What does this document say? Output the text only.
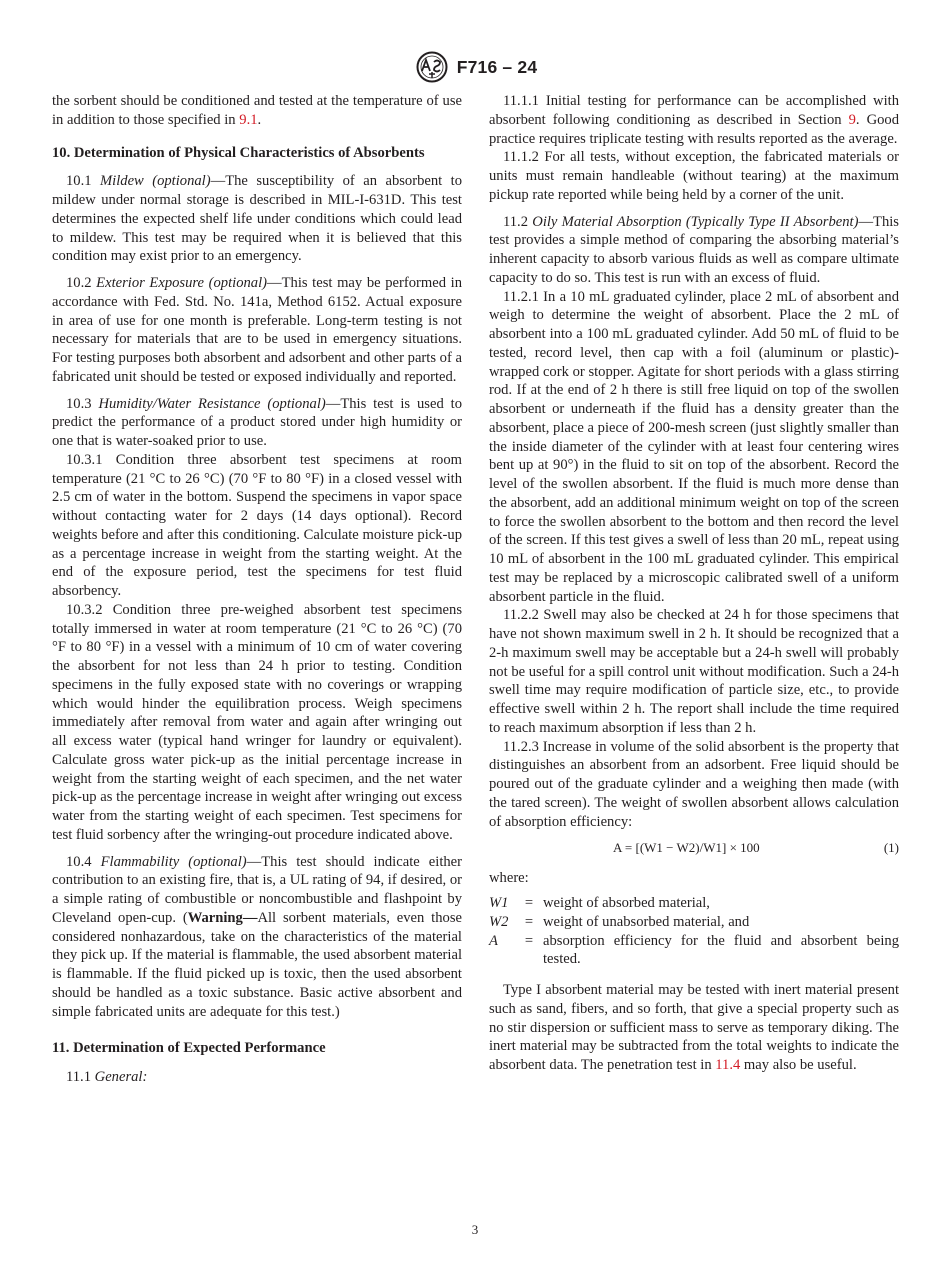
F716 – 24

the sorbent should be conditioned and tested at the temperature of use in addition to those specified in 9.1.

10. Determination of Physical Characteristics of Absorbents

10.1 Mildew (optional)—The susceptibility of an absorbent to mildew under normal storage is described in MIL-I-631D. This test determines the expected shelf life under conditions which could lead to mildew. This test may be required when it is believed that this condition may exist prior to an emergency.

10.2 Exterior Exposure (optional)—This test may be performed in accordance with Fed. Std. No. 141a, Method 6152. Actual exposure in area of use for one month is preferable. Long-term testing is not necessary for materials that are to be used in emergency situations. For testing purposes both absorbent and adsorbent and other parts of a fabricated unit should be tested or exposed individually and reported.

10.3 Humidity/Water Resistance (optional)—This test is used to predict the performance of a product stored under high humidity or one that is water-soaked prior to use.

10.3.1 Condition three absorbent test specimens at room temperature (21 °C to 26 °C) (70 °F to 80 °F) in a closed vessel with 2.5 cm of water in the bottom. Suspend the specimens in vapor space without contacting water for 2 days (14 days optional). Record weights before and after this conditioning. Calculate moisture pick-up as a percentage increase in weight from the starting weight. At the end of the exposure period, test the specimens for test fluid absorbency.

10.3.2 Condition three pre-weighed absorbent test specimens totally immersed in water at room temperature (21 °C to 26 °C) (70 °F to 80 °F) in a vessel with a minimum of 10 cm of water covering the absorbent for not less than 24 h prior to testing. Condition specimens in the fully exposed state with no coverings or wrapping which would hinder the equilibration process. Weigh specimens immediately after removal from water and again after wringing out all excess water (typical hand wringer for laundry or equivalent). Calculate gross water pick-up as the initial percentage increase in weight from the starting weight of each specimen, and the net water pick-up as the percentage increase in weight after wringing out excess water from the starting weight of each specimen. Test specimens for test fluid sorbency after the wringing-out procedure indicated above.

10.4 Flammability (optional)—This test should indicate either contribution to an existing fire, that is, a UL rating of 94, if desired, or a simple rating of combustible or noncombustible and flashpoint by Cleveland open-cup. (Warning—All sorbent materials, even those considered nonhazardous, take on the characteristics of the material they pick up. If the material is flammable, the used absorbent material is flammable. If the fluid picked up is toxic, then the used absorbent should be handled as a toxic substance. Basic active absorbent and simple fabricated units are adequate for this test.)

11. Determination of Expected Performance

11.1 General:

11.1.1 Initial testing for performance can be accomplished with absorbent following conditioning as described in Section 9. Good practice requires triplicate testing with results reported as the average.

11.1.2 For all tests, without exception, the fabricated materials or units must remain handleable (without tearing) at the maximum pickup rate reported while being held by a corner of the unit.

11.2 Oily Material Absorption (Typically Type II Absorbent)—This test provides a simple method of comparing the absorbing material’s inherent capacity to absorb various fluids as well as compare ultimate capacity to do so. This test is run with an excess of fluid.

11.2.1 In a 10 mL graduated cylinder, place 2 mL of absorbent and weigh to determine the weight of absorbent. Place the 2 mL of absorbent into a 100 mL graduated cylinder. Add 50 mL of fluid to be tested, record level, then cap with a foil (aluminum or plastic)-wrapped cork or stopper. Agitate for short periods with a glass stirring rod. If at the end of 2 h there is still free liquid on top of the swollen absorbent or underneath if the fluid has a density greater than the absorbent, place a piece of 200-mesh screen (just slightly smaller than the inside diameter of the cylinder with at least four centering wires bent up at 90°) in the fluid to sit on top of the absorbent. Record the level of the swollen absorbent. If the fluid is much more dense than the absorbent, add an additional minimum weight on top of the screen to force the swollen absorbent to the bottom and then record the level of the screen. If this test gives a swell of less than 20 mL, repeat using 10 mL of absorbent in the 100 mL graduated cylinder. This empirical test may be replaced by a microscopic calibrated swell of a uniform absorbent particle in the fluid.

11.2.2 Swell may also be checked at 24 h for those specimens that have not shown maximum swell in 2 h. It should be recognized that a 2-h maximum swell may be acceptable but a 24-h swell will probably not be useful for a spill control unit without modification. Such a 24-h swell time may require modification of particle size, etc., to provide effective swell within 2 h. The report shall include the time required to reach maximum absorption if less than 2 h.

11.2.3 Increase in volume of the solid absorbent is the property that distinguishes an absorbent from an adsorbent. Free liquid should be poured out of the graduate cylinder and a weighing then made (with the tared screen). The weight of swollen absorbent allows calculation of absorption efficiency:

A = [(W1 − W2)/W1] × 100	(1)

where:

W1	=	weight of absorbed material,
W2	=	weight of unabsorbed material, and
A	=	absorption efficiency for the fluid and absorbent being tested.

Type I absorbent material may be tested with inert material present such as sand, fibers, and so forth, that give a special property such as no stir dispersion or sufficient mass to serve as temporary diking. The inert material may be subtracted from the total weights to indicate the absorbent data. The penetration test in 11.4 may also be useful.

3
